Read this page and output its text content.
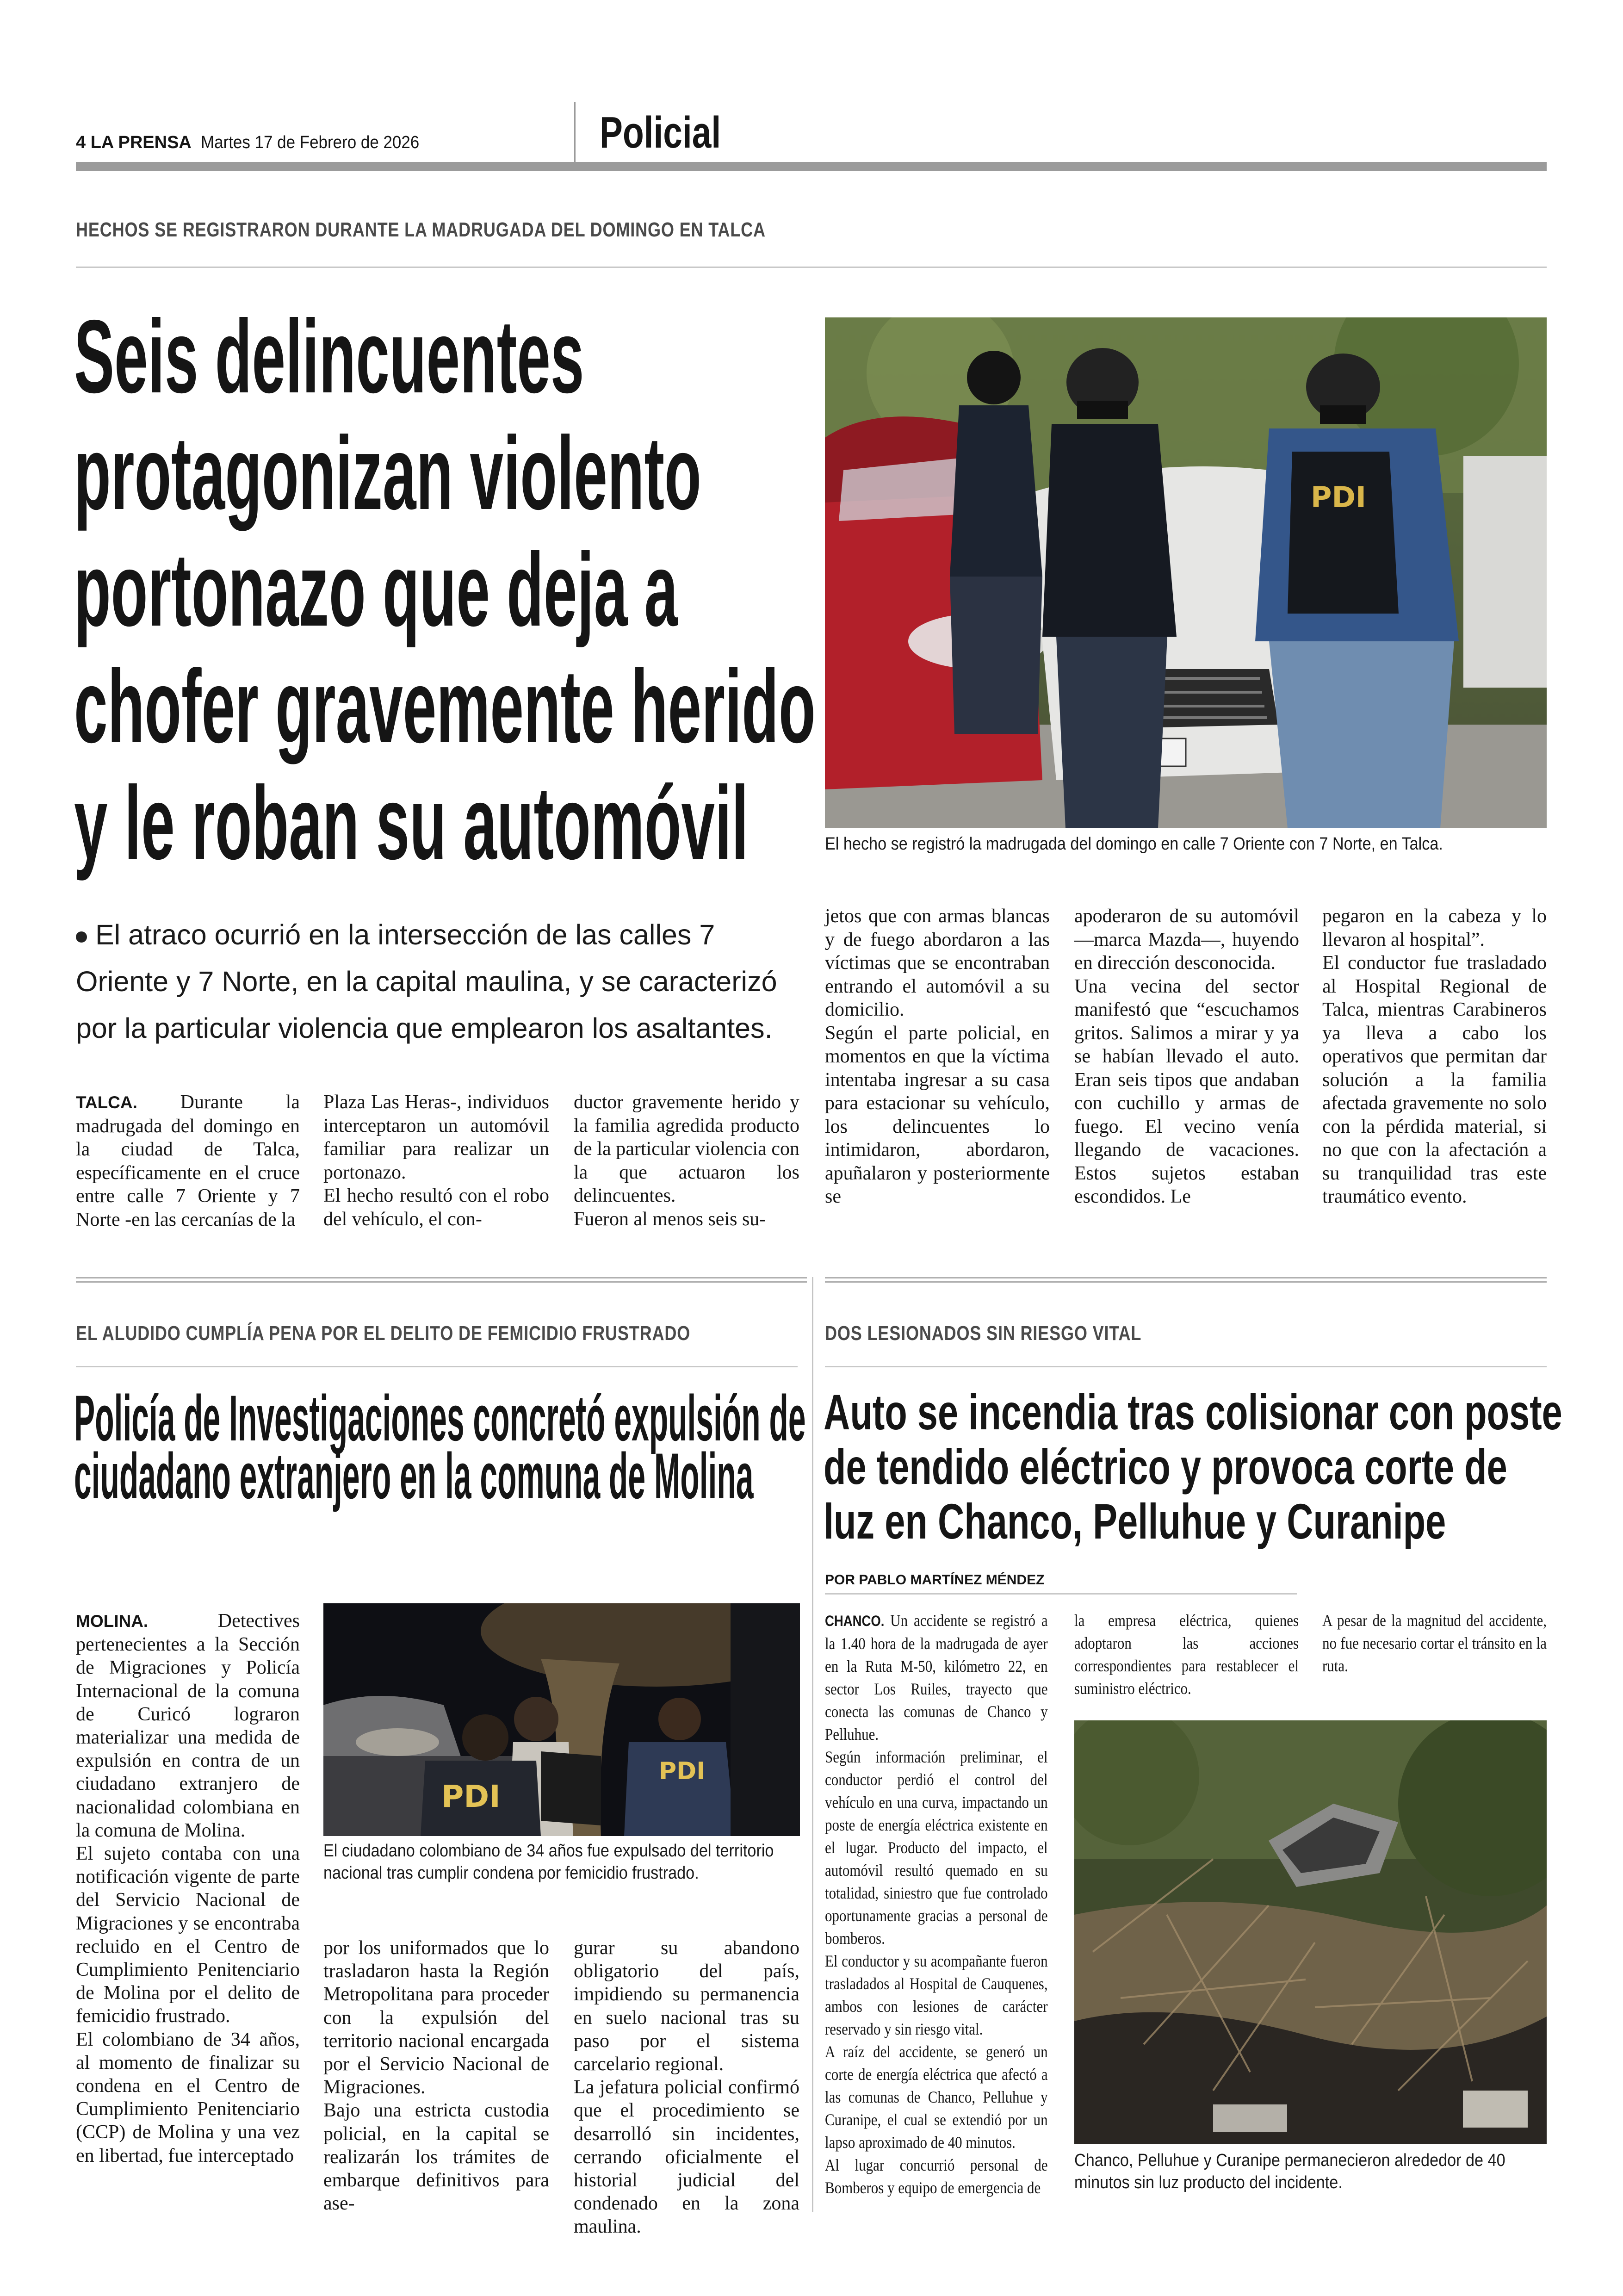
4 LA PRENSA Martes 17 de Febrero de 2026	Policial
HECHOS SE REGISTRARON DURANTE LA MADRUGADA DEL DOMINGO EN TALCA
Seis delincuentes
protagonizan violento
portonazo que deja a
chofer gravemente herido
y le roban su automóvil
PDI
El hecho se registró la madrugada del domingo en calle 7 Oriente con 7 Norte, en Talca.
El atraco ocurrió en la intersección de las calles 7
Oriente y 7 Norte, en la capital maulina, y se caracterizó
por la particular violencia que emplearon los asaltantes.

TALCA. Durante la madrugada del domingo en la ciudad de Talca, específicamente en el cruce entre calle 7 Oriente y 7 Norte -en las cercanías de la

Plaza Las Heras-, individuos interceptaron un automóvil familiar para realizar un portonazo.

El hecho resultó con el robo del vehículo, el con-

ductor gravemente herido y la familia agredida producto de la particular violencia con la que actuaron los delincuentes.

Fueron al menos seis su-

jetos que con armas blancas y de fuego abordaron a las víctimas que se encontraban entrando el automóvil a su domicilio.

Según el parte policial, en momentos en que la víctima intentaba ingresar a su casa para estacionar su vehículo, los delincuentes lo intimidaron, abordaron, apuñalaron y posteriormente se

apoderaron de su automóvil —marca Mazda—, huyendo en dirección desconocida.

Una vecina del sector manifestó que “escuchamos gritos. Salimos a mirar y ya se habían llevado el auto. Eran seis tipos que andaban con cuchillo y armas de fuego. El vecino venía llegando de vacaciones. Estos sujetos estaban escondidos. Le

pegaron en la cabeza y lo llevaron al hospital”.

El conductor fue trasladado al Hospital Regional de Talca, mientras Carabineros ya lleva a cabo los operativos que permitan dar solución a la familia afectada gravemente no solo con la pérdida material, si no que con la afectación a su tranquilidad tras este traumático evento.

EL ALUDIDO CUMPLÍA PENA POR EL DELITO DE FEMICIDIO FRUSTRADO
Policía de Investigaciones concretó expulsión de
ciudadano extranjero en la comuna de Molina
PDI
PDI
El ciudadano colombiano de 34 años fue expulsado del territorio nacional tras cumplir condena por femicidio frustrado.

MOLINA.	Detectives pertenecientes a la Sección de Migraciones y Policía Internacional de la comuna de Curicó lograron materializar una medida de expulsión en contra de un ciudadano extranjero de nacionalidad colombiana en la comuna de Molina.

El sujeto contaba con una notificación vigente de parte del Servicio Nacional de Migraciones y se encontraba recluido en el Centro de Cumplimiento Penitenciario de Molina por el delito de femicidio frustrado.

El colombiano de 34 años, al momento de finalizar su condena en el Centro de Cumplimiento Penitenciario (CCP) de Molina y una vez en libertad, fue interceptado

por los uniformados que lo trasladaron hasta la Región Metropolitana para proceder con la expulsión del territorio nacional encargada por el Servicio Nacional de Migraciones.

Bajo una estricta custodia policial, en la capital se realizarán los trámites de embarque definitivos para ase-

gurar su abandono obligatorio del país, impidiendo su permanencia en suelo nacional tras su paso por el sistema carcelario regional.

La jefatura policial confirmó que el procedimiento se desarrolló sin incidentes, cerrando oficialmente el historial judicial del condenado en la zona maulina.

DOS LESIONADOS SIN RIESGO VITAL
Auto se incendia tras colisionar con poste
de tendido eléctrico y provoca corte de
luz en Chanco, Pelluhue y Curanipe
POR PABLO MARTÍNEZ MÉNDEZ

CHANCO. Un accidente se registró a la 1.40 hora de la madrugada de ayer en la Ruta M-50, kilómetro 22, en sector Los Ruiles, trayecto que conecta las comunas de Chanco y Pelluhue.

Según información preliminar, el conductor perdió el control del vehículo en una curva, impactando un poste de energía eléctrica existente en el lugar. Producto del impacto, el automóvil resultó quemado en su totalidad, siniestro que fue controlado oportunamente gracias a personal de bomberos.

El conductor y su acompañante fueron trasladados al Hospital de Cauquenes, ambos con lesiones de carácter reservado y sin riesgo vital.

A raíz del accidente, se generó un corte de energía eléctrica que afectó a las comunas de Chanco, Pelluhue y Curanipe, el cual se extendió por un lapso aproximado de 40 minutos.

Al lugar concurrió personal de Bomberos y equipo de emergencia de

la empresa eléctrica, quienes adoptaron las acciones correspondientes para restablecer el suministro eléctrico.

A pesar de la magnitud del accidente, no fue necesario cortar el tránsito en la ruta.

Chanco, Pelluhue y Curanipe permanecieron alrededor de 40 minutos sin luz producto del incidente.
